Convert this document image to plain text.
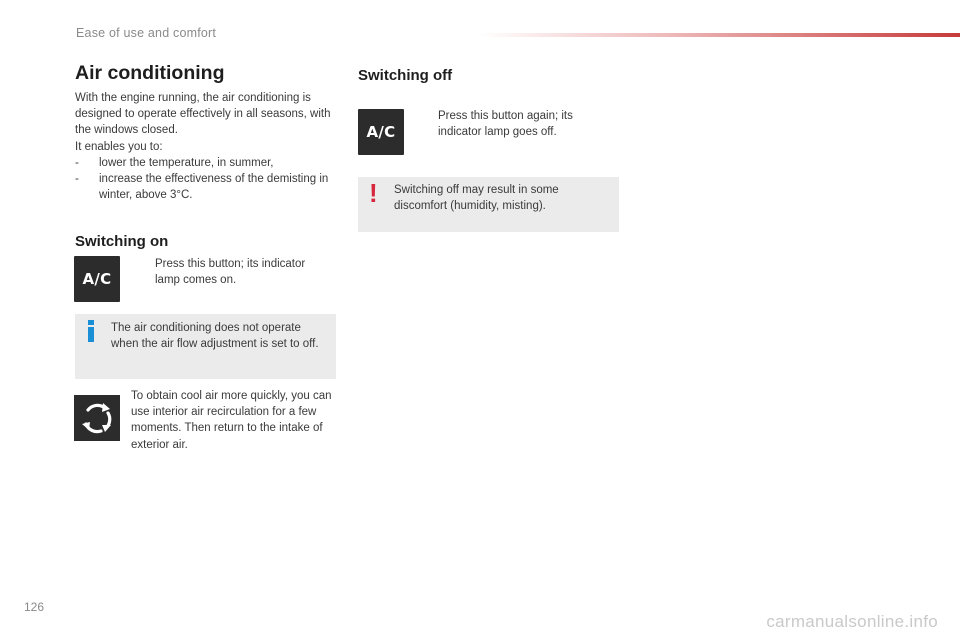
Ease of use and comfort
Air conditioning

With the engine running, the air conditioning is designed to operate effectively in all seasons, with the windows closed.

It enables you to:

- lower the temperature, in summer,
- increase the effectiveness of the demisting in winter, above 3°C.
Switching on
A/C
Press this button; its indicator lamp comes on.
The air conditioning does not operate when the air flow adjustment is set to off.
To obtain cool air more quickly, you can use interior air recirculation for a few moments. Then return to the intake of exterior air.
Switching off
A/C
Press this button again; its indicator lamp goes off.
! Switching off may result in some discomfort (humidity, misting).
126
carmanualsonline.info
